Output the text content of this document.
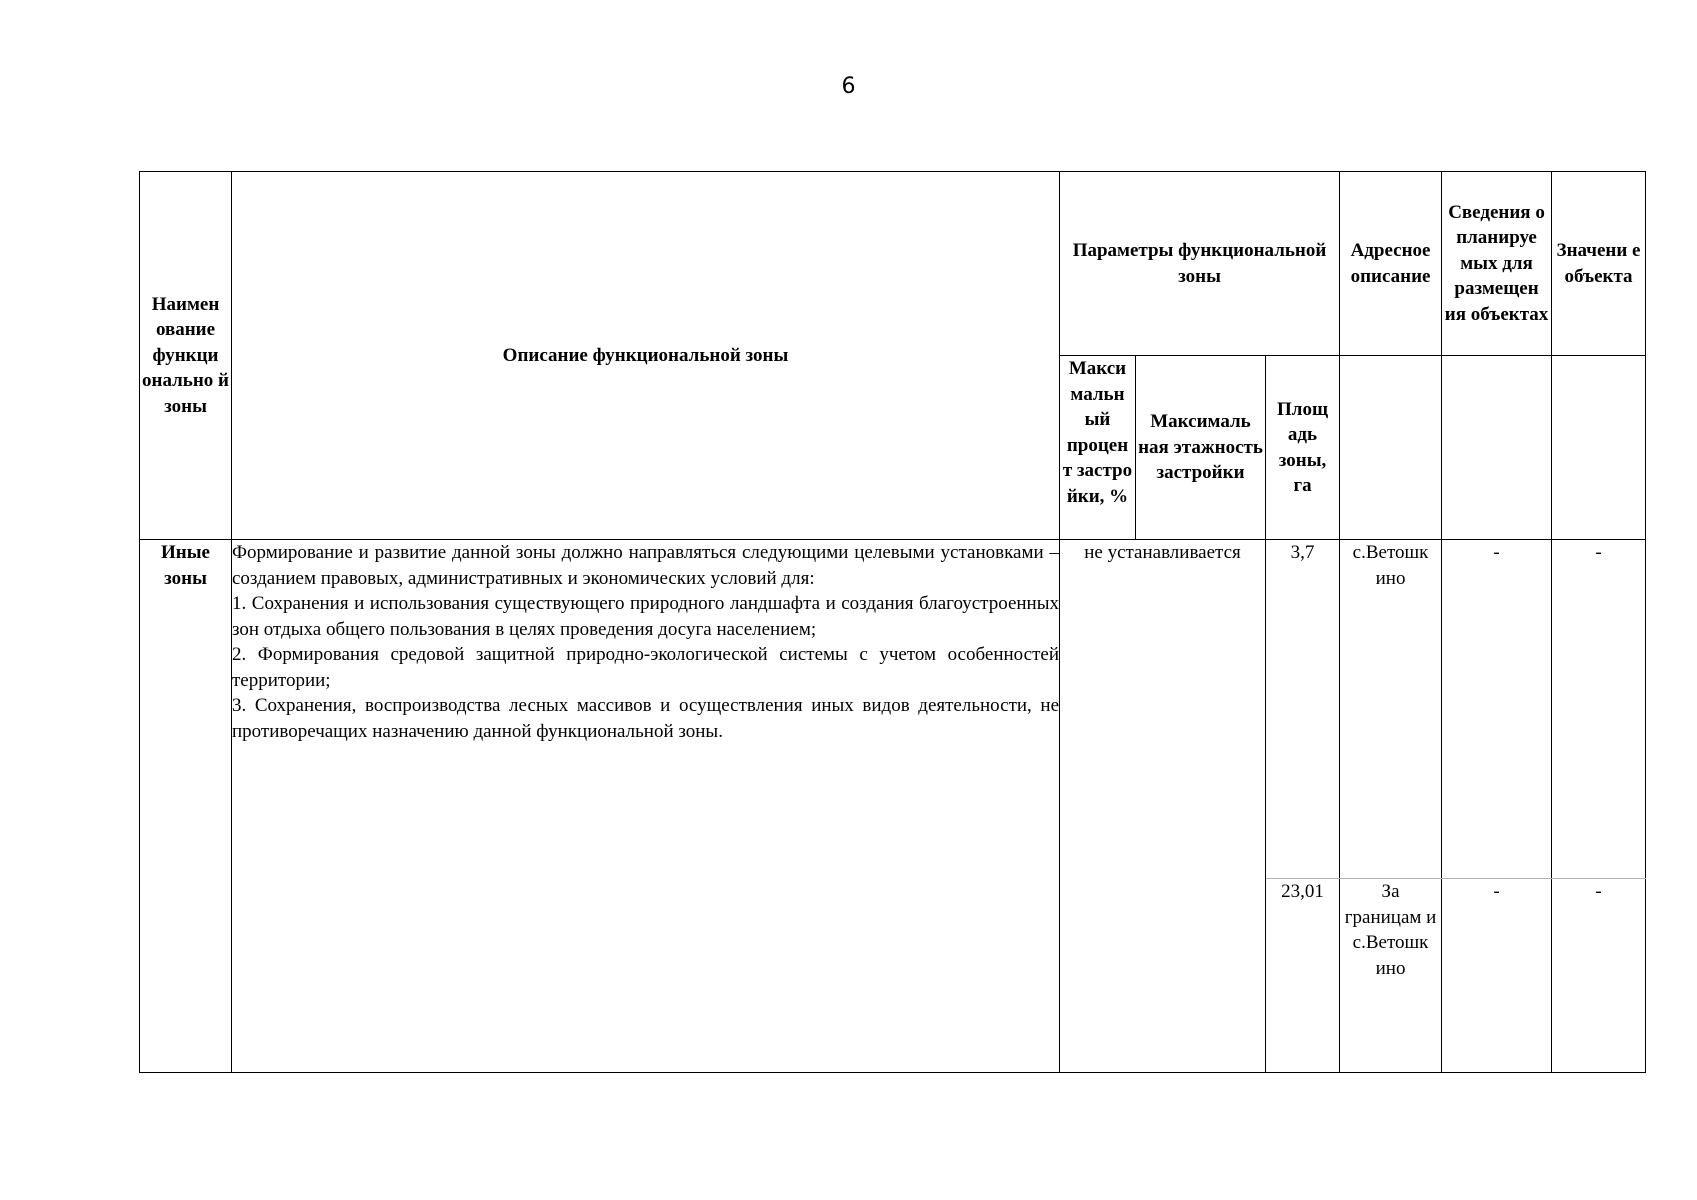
6
Наимен ование функци онально й зоны	Описание функциональной зоны	Параметры функциональной зоны			Адресное описание	Сведения о планируе мых для размещен ия объектах	Значени е объекта
		Макси мальн ый процен т застро йки, %	Максималь ная этажность застройки	Площ адь зоны, га			
Иные зоны	Формирование и развитие данной зоны должно направляться следующими целевыми установками – созданием правовых, административных и экономических условий для:

1. Сохранения и использования существующего природного ландшафта и создания благоустроенных зон отдыха общего пользования в целях проведения досуга населением;

2. Формирования средовой защитной природно-экологической системы с учетом особенностей территории;

3. Сохранения, воспроизводства лесных массивов и осуществления иных видов деятельности, не противоречащих назначению данной функциональной зоны.	не устанавливается		3,7	с.Ветошк ино	-	-
				23,01	За границам и с.Ветошк ино	-	-
